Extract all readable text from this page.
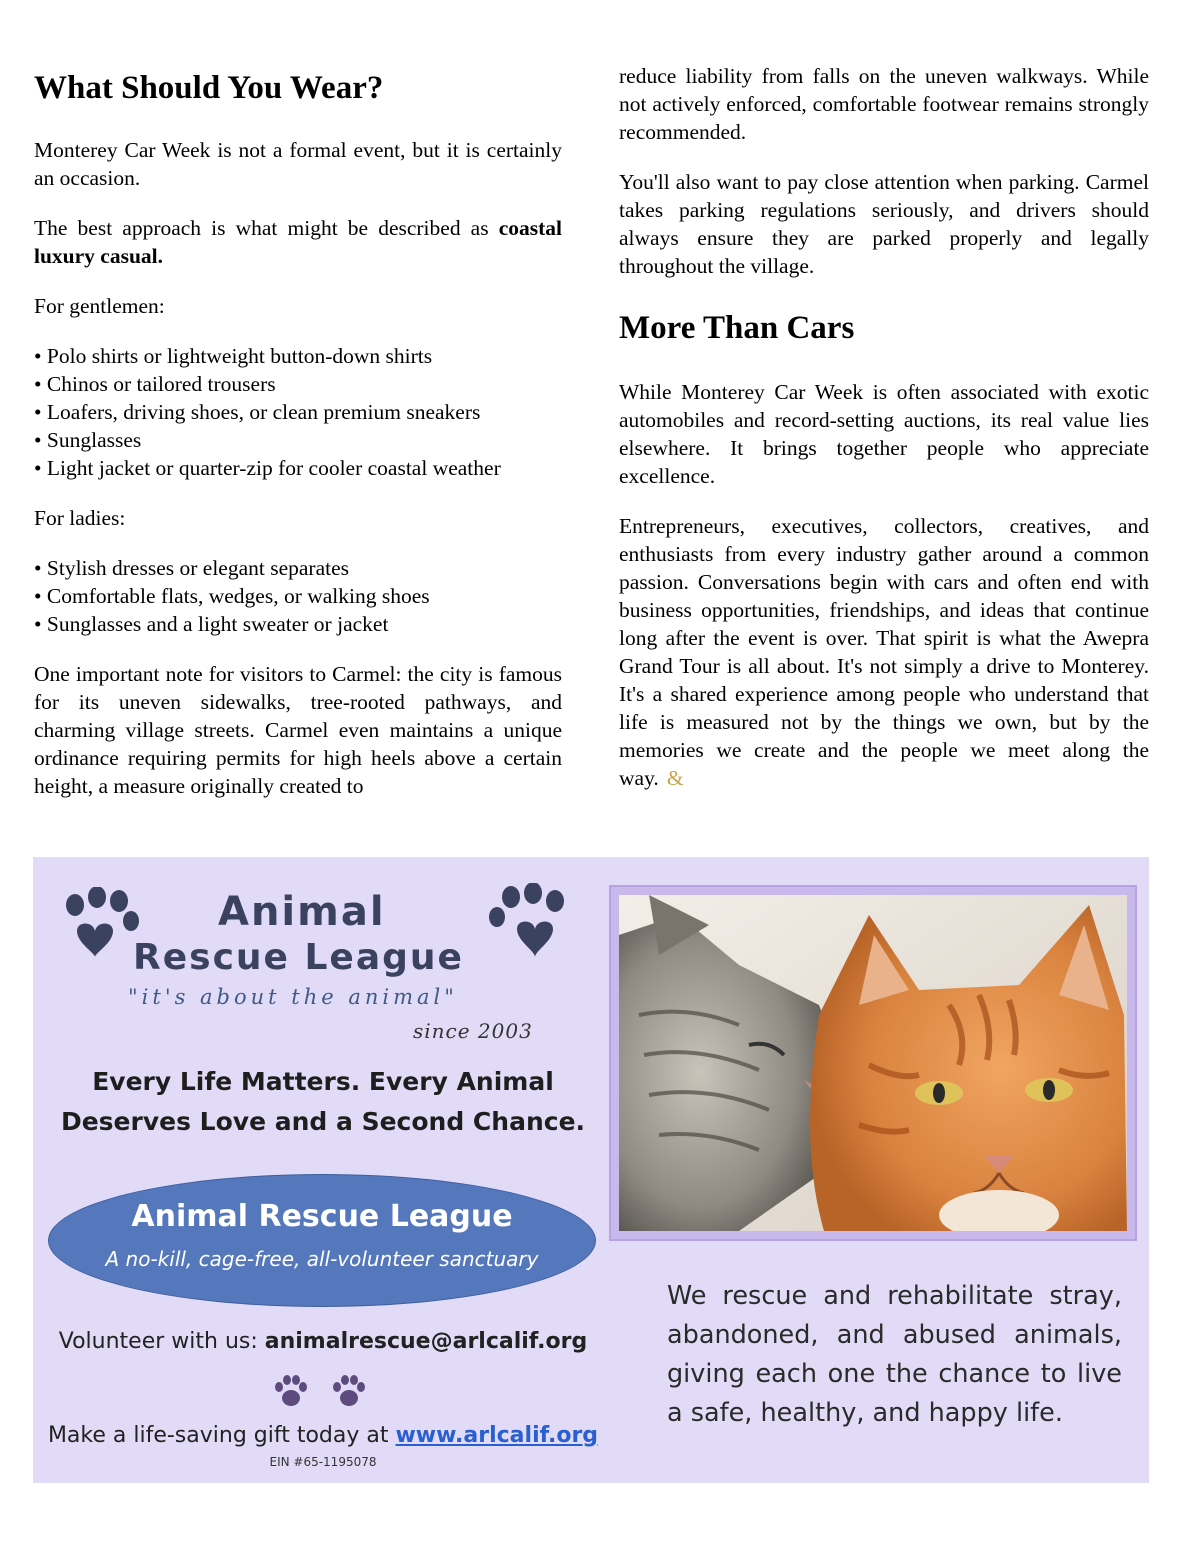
What Should You Wear?

Monterey Car Week is not a formal event, but it is certainly an occasion.

The best approach is what might be described as coastal luxury casual.

For gentlemen:

• Polo shirts or lightweight button-down shirts
• Chinos or tailored trousers
• Loafers, driving shoes, or clean premium sneakers
• Sunglasses
• Light jacket or quarter-zip for cooler coastal weather

For ladies:

• Stylish dresses or elegant separates
• Comfortable flats, wedges, or walking shoes
• Sunglasses and a light sweater or jacket

One important note for visitors to Carmel: the city is famous for its uneven sidewalks, tree-rooted pathways, and charming village streets. Carmel even maintains a unique ordinance requiring permits for high heels above a certain height, a measure originally created to

reduce liability from falls on the uneven walkways. While not actively enforced, comfortable footwear remains strongly recommended.

You'll also want to pay close attention when parking. Carmel takes parking regulations seriously, and drivers should always ensure they are parked properly and legally throughout the village.

More Than Cars

While Monterey Car Week is often associated with exotic automobiles and record-setting auctions, its real value lies elsewhere. It brings together people who appreciate excellence.

Entrepreneurs, executives, collectors, creatives, and enthusiasts from every industry gather around a common passion. Conversations begin with cars and often end with business opportunities, friendships, and ideas that continue long after the event is over. That spirit is what the Awepra Grand Tour is all about. It's not simply a drive to Monterey. It's a shared experience among people who understand that life is measured not by the things we own, but by the memories we create and the people we meet along the way. &

Animal
Rescue League
"it's about the animal"
since 2003
Every Life Matters. Every Animal
Deserves Love and a Second Chance.
Animal Rescue League
A no-kill, cage-free, all-volunteer sanctuary
Volunteer with us: animalrescue@arlcalif.org
Make a life-saving gift today at www.arlcalif.org
EIN #65-1195078
We rescue and rehabilitate stray, abandoned, and abused animals, giving each one the chance to live a safe, healthy, and happy life.
